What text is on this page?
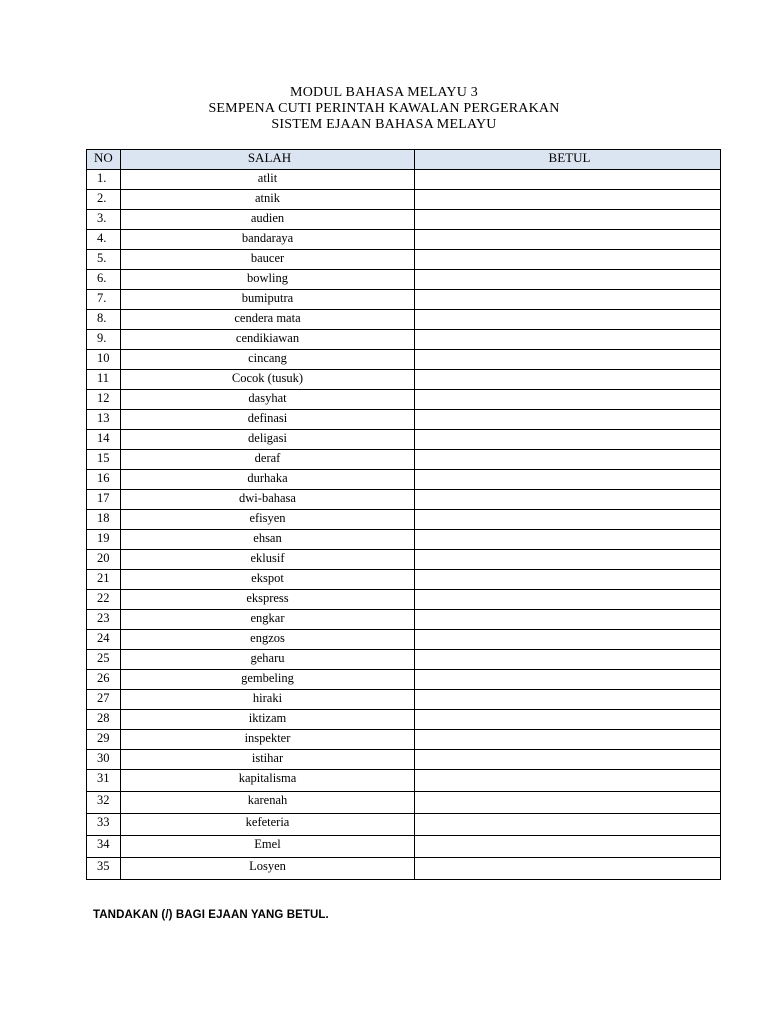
MODUL BAHASA MELAYU 3
SEMPENA CUTI PERINTAH KAWALAN PERGERAKAN
SISTEM EJAAN BAHASA MELAYU
NO	SALAH	BETUL
1.	atlit	
2.	atnik	
3.	audien	
4.	bandaraya	
5.	baucer	
6.	bowling	
7.	bumiputra	
8.	cendera mata	
9.	cendikiawan	
10	cincang	
11	Cocok (tusuk)	
12	dasyhat	
13	definasi	
14	deligasi	
15	deraf	
16	durhaka	
17	dwi-bahasa	
18	efisyen	
19	ehsan	
20	eklusif	
21	ekspot	
22	ekspress	
23	engkar	
24	engzos	
25	geharu	
26	gembeling	
27	hiraki	
28	iktizam	
29	inspekter	
30	istihar	
31	kapitalisma	
32	karenah	
33	kefeteria	
34	Emel	
35	Losyen	
TANDAKAN (/) BAGI EJAAN YANG BETUL.
